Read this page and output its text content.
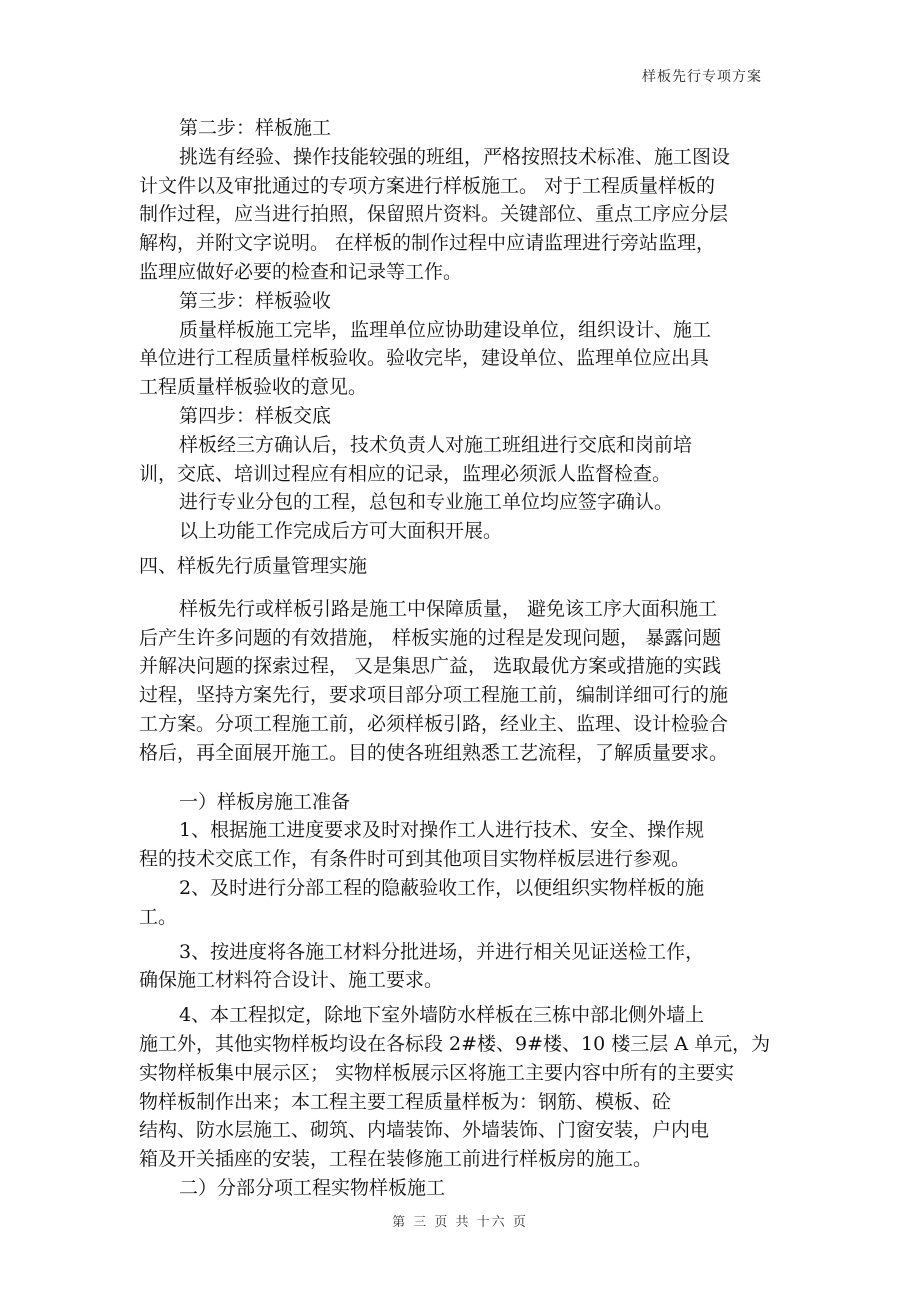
样板先行专项方案
第二步：样板施工
挑选有经验、操作技能较强的班组，严格按照技术标准、施工图设
计文件以及审批通过的专项方案进行样板施工。 对于工程质量样板的
制作过程，应当进行拍照，保留照片资料。关键部位、重点工序应分层
解构，并附文字说明。 在样板的制作过程中应请监理进行旁站监理，
监理应做好必要的检查和记录等工作。
第三步：样板验收
质量样板施工完毕，监理单位应协助建设单位，组织设计、施工
单位进行工程质量样板验收。验收完毕，建设单位、监理单位应出具
工程质量样板验收的意见。
第四步：样板交底
样板经三方确认后，技术负责人对施工班组进行交底和岗前培
训，交底、培训过程应有相应的记录，监理必须派人监督检查。
进行专业分包的工程，总包和专业施工单位均应签字确认。
以上功能工作完成后方可大面积开展。
四、样板先行质量管理实施
样板先行或样板引路是施工中保障质量， 避免该工序大面积施工
后产生许多问题的有效措施， 样板实施的过程是发现问题， 暴露问题
并解决问题的探索过程， 又是集思广益， 选取最优方案或措施的实践
过程，坚持方案先行，要求项目部分项工程施工前，编制详细可行的施
工方案。分项工程施工前，必须样板引路，经业主、监理、设计检验合
格后，再全面展开施工。目的使各班组熟悉工艺流程，了解质量要求。
一）样板房施工准备
1、根据施工进度要求及时对操作工人进行技术、安全、操作规
程的技术交底工作，有条件时可到其他项目实物样板层进行参观。
2、及时进行分部工程的隐蔽验收工作，以便组织实物样板的施
工。
3、按进度将各施工材料分批进场，并进行相关见证送检工作，
确保施工材料符合设计、施工要求。
4、本工程拟定，除地下室外墙防水样板在三栋中部北侧外墙上
施工外，其他实物样板均设在各标段 2#楼、9#楼、10 楼三层 A 单元，为
实物样板集中展示区； 实物样板展示区将施工主要内容中所有的主要实
物样板制作出来；本工程主要工程质量样板为：钢筋、模板、砼
结构、防水层施工、砌筑、内墙装饰、外墙装饰、门窗安装，户内电
箱及开关插座的安装，工程在装修施工前进行样板房的施工。
二）分部分项工程实物样板施工
第 三 页 共 十六 页
